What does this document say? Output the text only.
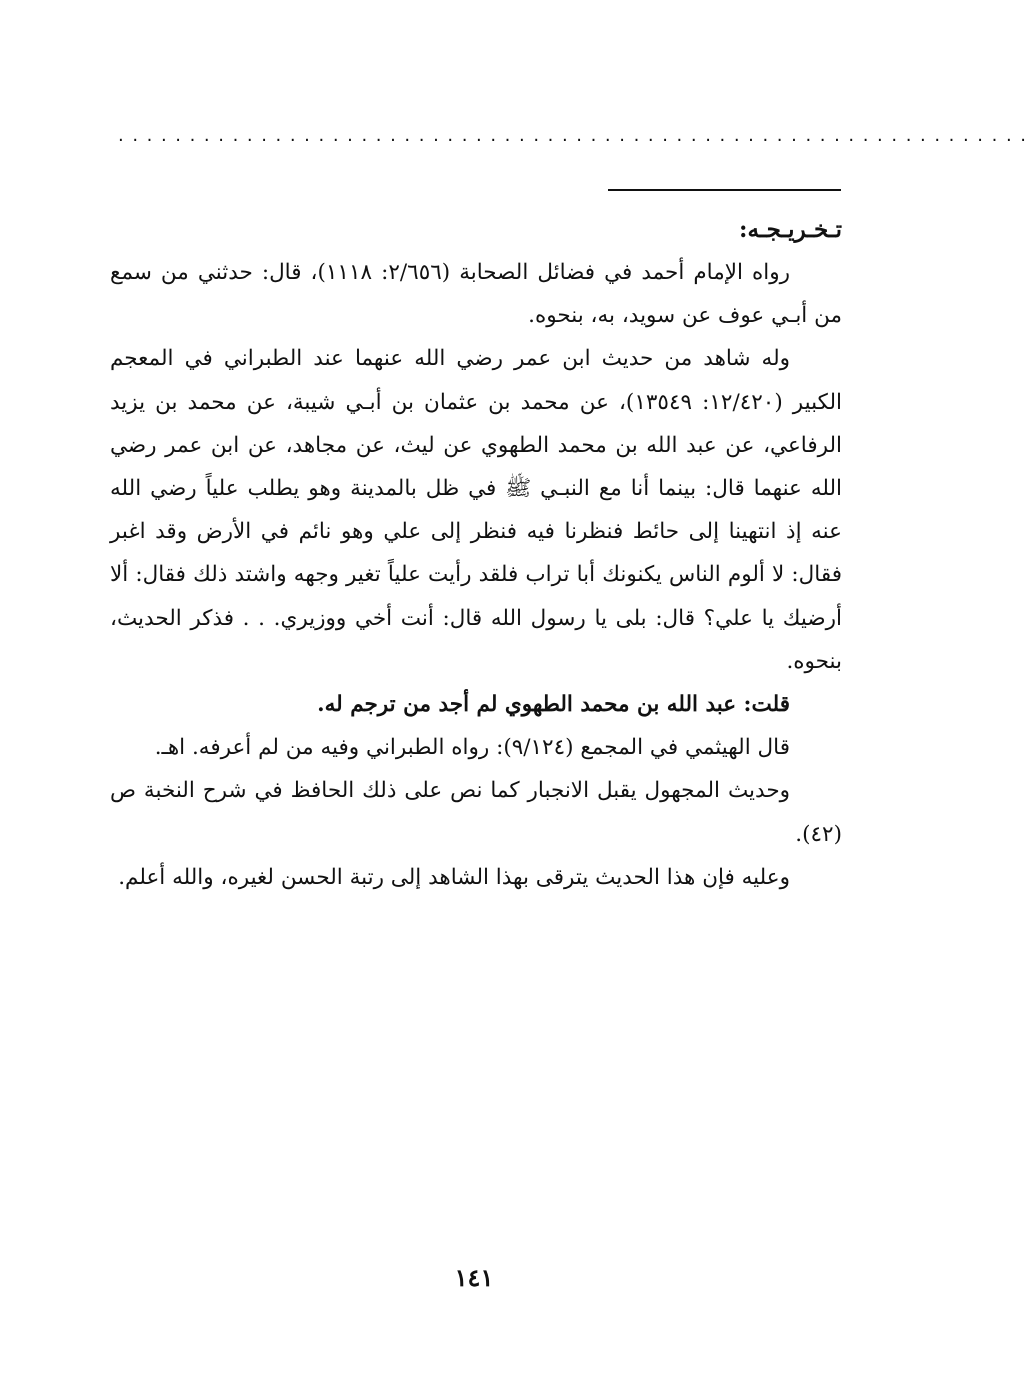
................................................................
تـخـريـجـه:

رواه الإمام أحمد في فضائل الصحابة (٢/٦٥٦: ١١١٨)، قال: حدثني من سمع من أبـي عوف عن سويد، به، بنحوه.

وله شاهد من حديث ابن عمر رضي الله عنهما عند الطبراني في المعجم الكبير (١٢/٤٢٠: ١٣٥٤٩)، عن محمد بن عثمان بن أبـي شيبة، عن محمد بن يزيد الرفاعي، عن عبد الله بن محمد الطهوي عن ليث، عن مجاهد، عن ابن عمر رضي الله عنهما قال: بينما أنا مع النبـي ﷺ في ظل بالمدينة وهو يطلب علياً رضي الله عنه إذ انتهينا إلى حائط فنظرنا فيه فنظر إلى علي وهو نائم في الأرض وقد اغبر فقال: لا ألوم الناس يكنونك أبا تراب فلقد رأيت علياً تغير وجهه واشتد ذلك فقال: ألا أرضيك يا علي؟ قال: بلى يا رسول الله قال: أنت أخي ووزيري. . . فذكر الحديث، بنحوه.

قلت: عبد الله بن محمد الطهوي لم أجد من ترجم له.

قال الهيثمي في المجمع (٩/١٢٤): رواه الطبراني وفيه من لم أعرفه. اهـ.

وحديث المجهول يقبل الانجبار كما نص على ذلك الحافظ في شرح النخبة ص (٤٢).

وعليه فإن هذا الحديث يترقى بهذا الشاهد إلى رتبة الحسن لغيره، والله أعلم.

١٤١
